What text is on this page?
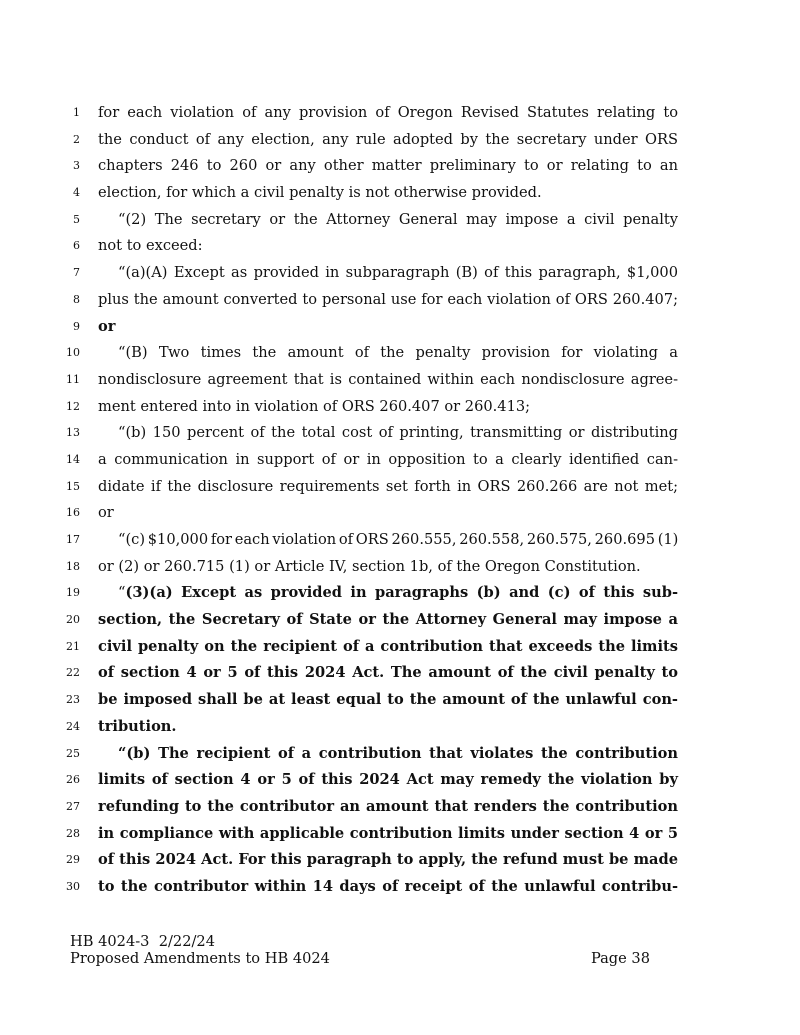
1 for each violation of any provision of Oregon Revised Statutes relating to
2 the conduct of any election, any rule adopted by the secretary under ORS
3 chapters 246 to 260 or any other matter preliminary to or relating to an
4 election, for which a civil penalty is not otherwise provided.
5	“(2) The secretary or the Attorney General may impose a civil penalty
6 not to exceed:
7	“(a)(A) Except as provided in subparagraph (B) of this paragraph, $1,000
8 plus the amount converted to personal use for each violation of ORS 260.407;
9 or
10	“(B) Two times the amount of the penalty provision for violating a
11 nondisclosure agreement that is contained within each nondisclosure agree-
12 ment entered into in violation of ORS 260.407 or 260.413;
13	“(b) 150 percent of the total cost of printing, transmitting or distributing
14 a communication in support of or in opposition to a clearly identified can-
15 didate if the disclosure requirements set forth in ORS 260.266 are not met;
16 or
17	“(c) $10,000 for each violation of ORS 260.555, 260.558, 260.575, 260.695 (1)
18 or (2) or 260.715 (1) or Article IV, section 1b, of the Oregon Constitution.
19	“(3)(a) Except as provided in paragraphs (b) and (c) of this sub-
20 section, the Secretary of State or the Attorney General may impose a
21 civil penalty on the recipient of a contribution that exceeds the limits
22 of section 4 or 5 of this 2024 Act. The amount of the civil penalty to
23 be imposed shall be at least equal to the amount of the unlawful con-
24 tribution.
25	“(b) The recipient of a contribution that violates the contribution
26 limits of section 4 or 5 of this 2024 Act may remedy the violation by
27 refunding to the contributor an amount that renders the contribution
28 in compliance with applicable contribution limits under section 4 or 5
29 of this 2024 Act. For this paragraph to apply, the refund must be made
30 to the contributor within 14 days of receipt of the unlawful contribu-
HB 4024-3  2/22/24
Proposed Amendments to HB 4024	Page 38
